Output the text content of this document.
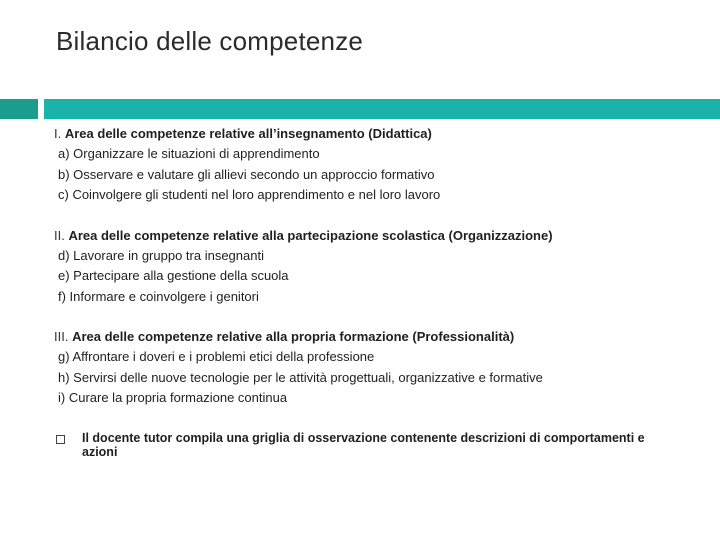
Bilancio delle competenze
I. Area delle competenze relative all’insegnamento (Didattica)
a) Organizzare le situazioni di apprendimento
b) Osservare e valutare gli allievi secondo un approccio formativo
c) Coinvolgere gli studenti nel loro apprendimento e nel loro lavoro
II. Area delle competenze relative alla partecipazione scolastica (Organizzazione)
d) Lavorare in gruppo tra insegnanti
e) Partecipare alla gestione della scuola
f) Informare e coinvolgere i genitori
III. Area delle competenze relative alla propria formazione (Professionalità)
g) Affrontare i doveri e i problemi etici della professione
h) Servirsi delle nuove tecnologie per le attività progettuali, organizzative e formative
i) Curare la propria formazione continua
Il docente tutor compila una griglia di osservazione contenente descrizioni di comportamenti e azioni
